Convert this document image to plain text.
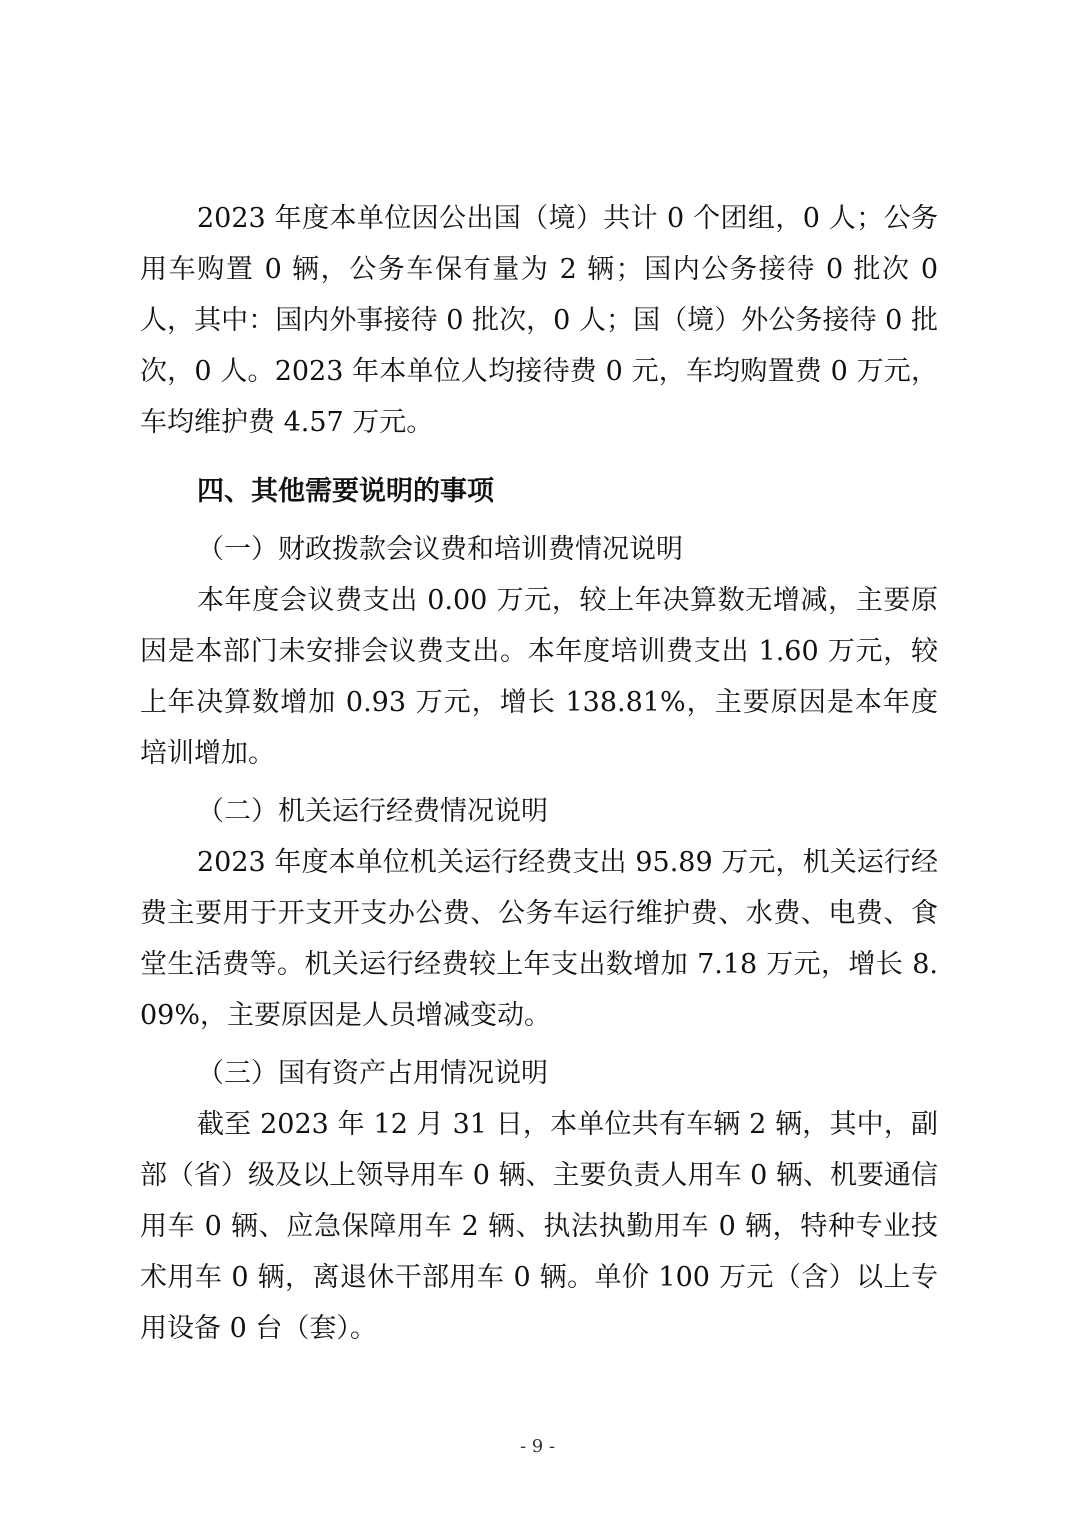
2023 年度本单位因公出国（境）共计 0 个团组，0 人；公务用车购置 0 辆，公务车保有量为 2 辆；国内公务接待 0 批次 0 人，其中：国内外事接待 0 批次，0 人；国（境）外公务接待 0 批次，0 人。2023 年本单位人均接待费 0 元，车均购置费 0 万元，车均维护费 4.57 万元。

四、其他需要说明的事项

（一）财政拨款会议费和培训费情况说明

本年度会议费支出 0.00 万元，较上年决算数无增减，主要原因是本部门未安排会议费支出。本年度培训费支出 1.60 万元，较上年决算数增加 0.93 万元，增长 138.81%，主要原因是本年度培训增加。

（二）机关运行经费情况说明

2023 年度本单位机关运行经费支出 95.89 万元，机关运行经费主要用于开支开支办公费、公务车运行维护费、水费、电费、食堂生活费等。机关运行经费较上年支出数增加 7.18 万元，增长 8.09%，主要原因是人员增减变动。

（三）国有资产占用情况说明

截至 2023 年 12 月 31 日，本单位共有车辆 2 辆，其中，副部（省）级及以上领导用车 0 辆、主要负责人用车 0 辆、机要通信用车 0 辆、应急保障用车 2 辆、执法执勤用车 0 辆，特种专业技术用车 0 辆，离退休干部用车 0 辆。单价 100 万元（含）以上专用设备 0 台（套）。

- 9 -
